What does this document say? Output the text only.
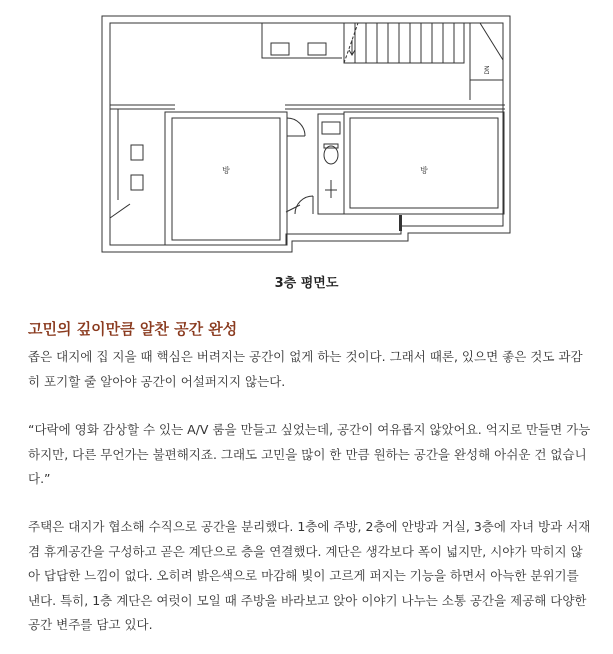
방	방
DN
3층 평면도
고민의 깊이만큼 알찬 공간 완성
좁은 대지에 집 지을 때 핵심은 버려지는 공간이 없게 하는 것이다. 그래서 때론, 있으면 좋은 것도 과감히 포기할 줄 알아야 공간이 어설퍼지지 않는다.
“다락에 영화 감상할 수 있는 A/V 룸을 만들고 싶었는데, 공간이 여유롭지 않았어요. 억지로 만들면 가능하지만, 다른 무언가는 불편해지죠. 그래도 고민을 많이 한 만큼 원하는 공간을 완성해 아쉬운 건 없습니다.”
주택은 대지가 협소해 수직으로 공간을 분리했다. 1층에 주방, 2층에 안방과 거실, 3층에 자녀 방과 서재 겸 휴게공간을 구성하고 곧은 계단으로 층을 연결했다. 계단은 생각보다 폭이 넓지만, 시야가 막히지 않아 답답한 느낌이 없다. 오히려 밝은색으로 마감해 빛이 고르게 퍼지는 기능을 하면서 아늑한 분위기를 낸다. 특히, 1층 계단은 여럿이 모일 때 주방을 바라보고 앉아 이야기 나누는 소통 공간을 제공해 다양한 공간 변주를 담고 있다.
